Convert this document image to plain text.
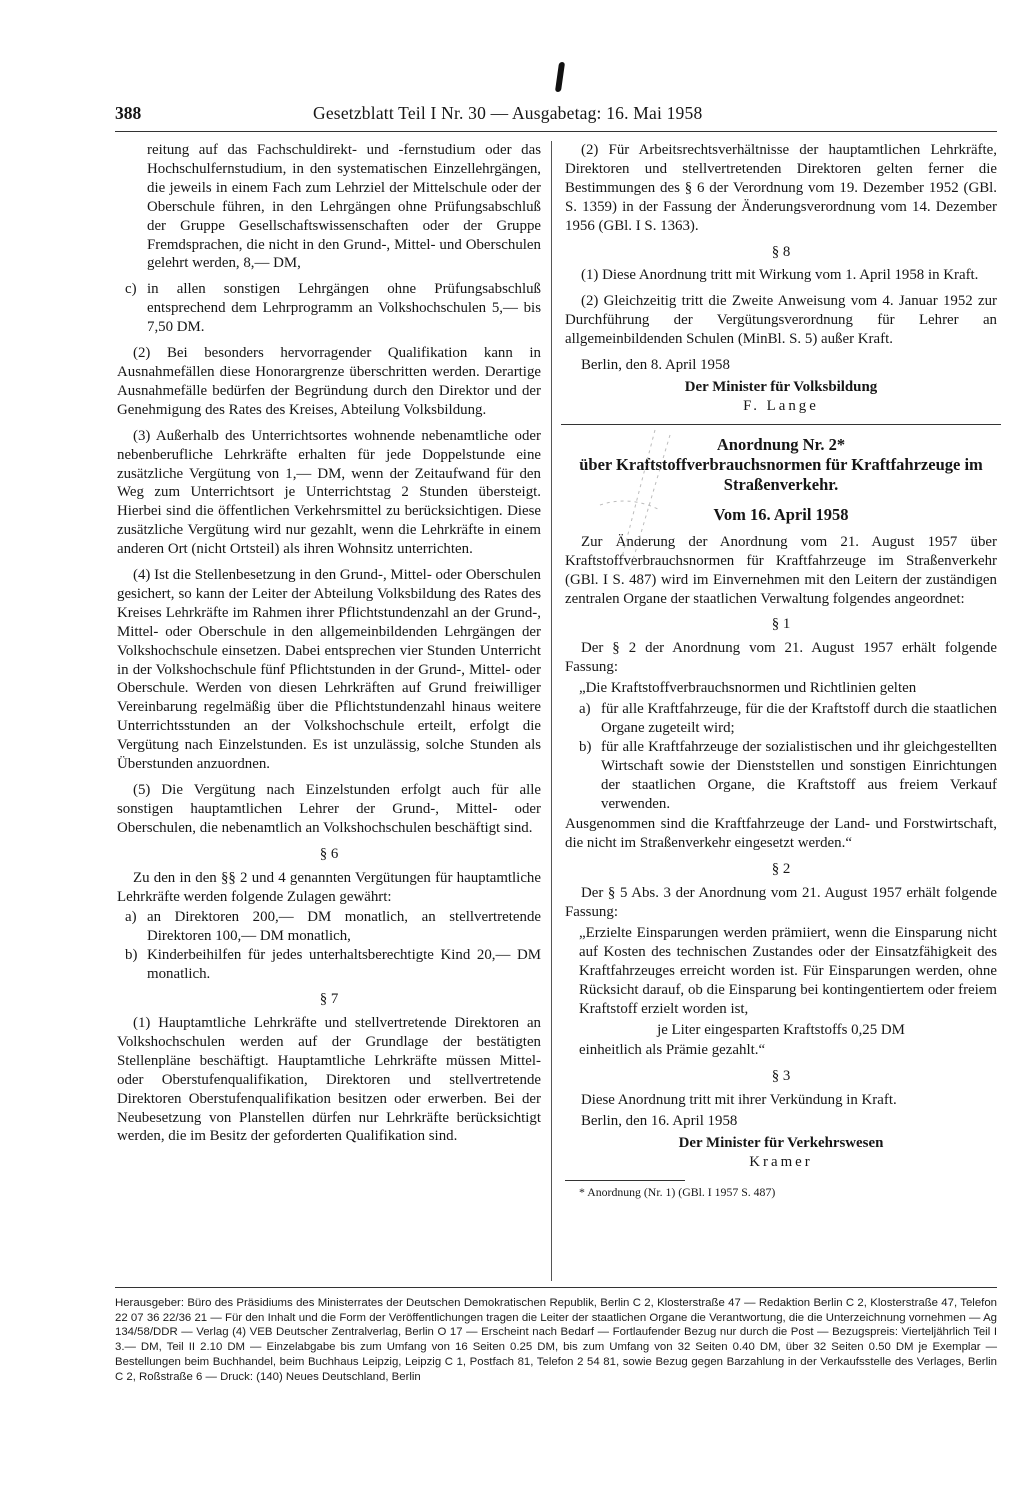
388	Gesetzblatt Teil I Nr. 30 — Ausgabetag: 16. Mai 1958

reitung auf das Fachschuldirekt- und -fernstudium oder das Hochschulfernstudium, in den systematischen Einzellehrgängen, die jeweils in einem Fach zum Lehrziel der Mittelschule oder der Oberschule führen, in den Lehrgängen ohne Prüfungsabschluß der Gruppe Gesellschaftswissenschaften oder der Gruppe Fremdsprachen, die nicht in den Grund-, Mittel- und Oberschulen gelehrt werden, 8,— DM,

c) in allen sonstigen Lehrgängen ohne Prüfungsabschluß entsprechend dem Lehrprogramm an Volkshochschulen 5,— bis 7,50 DM.

(2) Bei besonders hervorragender Qualifikation kann in Ausnahmefällen diese Honorargrenze überschritten werden. Derartige Ausnahmefälle bedürfen der Begründung durch den Direktor und der Genehmigung des Rates des Kreises, Abteilung Volksbildung.

(3) Außerhalb des Unterrichtsortes wohnende nebenamtliche oder nebenberufliche Lehrkräfte erhalten für jede Doppelstunde eine zusätzliche Vergütung von 1,— DM, wenn der Zeitaufwand für den Weg zum Unterrichtsort je Unterrichtstag 2 Stunden übersteigt. Hierbei sind die öffentlichen Verkehrsmittel zu berücksichtigen. Diese zusätzliche Vergütung wird nur gezahlt, wenn die Lehrkräfte in einem anderen Ort (nicht Ortsteil) als ihren Wohnsitz unterrichten.

(4) Ist die Stellenbesetzung in den Grund-, Mittel- oder Oberschulen gesichert, so kann der Leiter der Abteilung Volksbildung des Rates des Kreises Lehrkräfte im Rahmen ihrer Pflichtstundenzahl an der Grund-, Mittel- oder Oberschule in den allgemeinbildenden Lehrgängen der Volkshochschule einsetzen. Dabei entsprechen vier Stunden Unterricht in der Volkshochschule fünf Pflichtstunden in der Grund-, Mittel- oder Oberschule. Werden von diesen Lehrkräften auf Grund freiwilliger Vereinbarung regelmäßig über die Pflichtstundenzahl hinaus weitere Unterrichtsstunden an der Volkshochschule erteilt, erfolgt die Vergütung nach Einzelstunden. Es ist unzulässig, solche Stunden als Überstunden anzuordnen.

(5) Die Vergütung nach Einzelstunden erfolgt auch für alle sonstigen hauptamtlichen Lehrer der Grund-, Mittel- oder Oberschulen, die nebenamtlich an Volkshochschulen beschäftigt sind.

§ 6

Zu den in den §§ 2 und 4 genannten Vergütungen für hauptamtliche Lehrkräfte werden folgende Zulagen gewährt:

a) an Direktoren 200,— DM monatlich, an stellvertretende Direktoren 100,— DM monatlich,
b) Kinderbeihilfen für jedes unterhaltsberechtigte Kind 20,— DM monatlich.
§ 7

(1) Hauptamtliche Lehrkräfte und stellvertretende Direktoren an Volkshochschulen werden auf der Grundlage der bestätigten Stellenpläne beschäftigt. Hauptamtliche Lehrkräfte müssen Mittel- oder Oberstufenqualifikation, Direktoren und stellvertretende Direktoren Oberstufenqualifikation besitzen oder erwerben. Bei der Neubesetzung von Planstellen dürfen nur Lehrkräfte berücksichtigt werden, die im Besitz der geforderten Qualifikation sind.

(2) Für Arbeitsrechtsverhältnisse der hauptamtlichen Lehrkräfte, Direktoren und stellvertretenden Direktoren gelten ferner die Bestimmungen des § 6 der Verordnung vom 19. Dezember 1952 (GBl. S. 1359) in der Fassung der Änderungsverordnung vom 14. Dezember 1956 (GBl. I S. 1363).

§ 8

(1) Diese Anordnung tritt mit Wirkung vom 1. April 1958 in Kraft.

(2) Gleichzeitig tritt die Zweite Anweisung vom 4. Januar 1952 zur Durchführung der Vergütungsverordnung für Lehrer an allgemeinbildenden Schulen (MinBl. S. 5) außer Kraft.

Berlin, den 8. April 1958

Der Minister für Volksbildung

F. Lange

Anordnung Nr. 2*
über Kraftstoffverbrauchsnormen für Kraftfahrzeuge im Straßenverkehr.
Vom 16. April 1958

Zur Änderung der Anordnung vom 21. August 1957 über Kraftstoffverbrauchsnormen für Kraftfahrzeuge im Straßenverkehr (GBl. I S. 487) wird im Einvernehmen mit den Leitern der zuständigen zentralen Organe der staatlichen Verwaltung folgendes angeordnet:

§ 1

Der § 2 der Anordnung vom 21. August 1957 erhält folgende Fassung:

„Die Kraftstoffverbrauchsnormen und Richtlinien gelten

a) für alle Kraftfahrzeuge, für die der Kraftstoff durch die staatlichen Organe zugeteilt wird;
b) für alle Kraftfahrzeuge der sozialistischen und ihr gleichgestellten Wirtschaft sowie der Dienststellen und sonstigen Einrichtungen der staatlichen Organe, die Kraftstoff aus freiem Verkauf verwenden.

Ausgenommen sind die Kraftfahrzeuge der Land- und Forstwirtschaft, die nicht im Straßenverkehr eingesetzt werden.“

§ 2

Der § 5 Abs. 3 der Anordnung vom 21. August 1957 erhält folgende Fassung:

„Erzielte Einsparungen werden prämiiert, wenn die Einsparung nicht auf Kosten des technischen Zustandes oder der Einsatzfähigkeit des Kraftfahrzeuges erreicht worden ist. Für Einsparungen werden, ohne Rücksicht darauf, ob die Einsparung bei kontingentiertem oder freiem Kraftstoff erzielt worden ist,

je Liter eingesparten Kraftstoffs 0,25 DM

einheitlich als Prämie gezahlt.“

§ 3

Diese Anordnung tritt mit ihrer Verkündung in Kraft.

Berlin, den 16. April 1958

Der Minister für Verkehrswesen

Kramer

* Anordnung (Nr. 1) (GBl. I 1957 S. 487)

Herausgeber: Büro des Präsidiums des Ministerrates der Deutschen Demokratischen Republik, Berlin C 2, Klosterstraße 47 — Redaktion Berlin C 2, Klosterstraße 47, Telefon 22 07 36 22/36 21 — Für den Inhalt und die Form der Veröffentlichungen tragen die Leiter der staatlichen Organe die Verantwortung, die die Unterzeichnung vornehmen — Ag 134/58/DDR — Verlag (4) VEB Deutscher Zentralverlag, Berlin O 17 — Erscheint nach Bedarf — Fortlaufender Bezug nur durch die Post — Bezugspreis: Vierteljährlich Teil I 3.— DM, Teil II 2.10 DM — Einzelabgabe bis zum Umfang von 16 Seiten 0.25 DM, bis zum Umfang von 32 Seiten 0.40 DM, über 32 Seiten 0.50 DM je Exemplar — Bestellungen beim Buchhandel, beim Buchhaus Leipzig, Leipzig C 1, Postfach 81, Telefon 2 54 81, sowie Bezug gegen Barzahlung in der Verkaufsstelle des Verlages, Berlin C 2, Roßstraße 6 — Druck: (140) Neues Deutschland, Berlin
